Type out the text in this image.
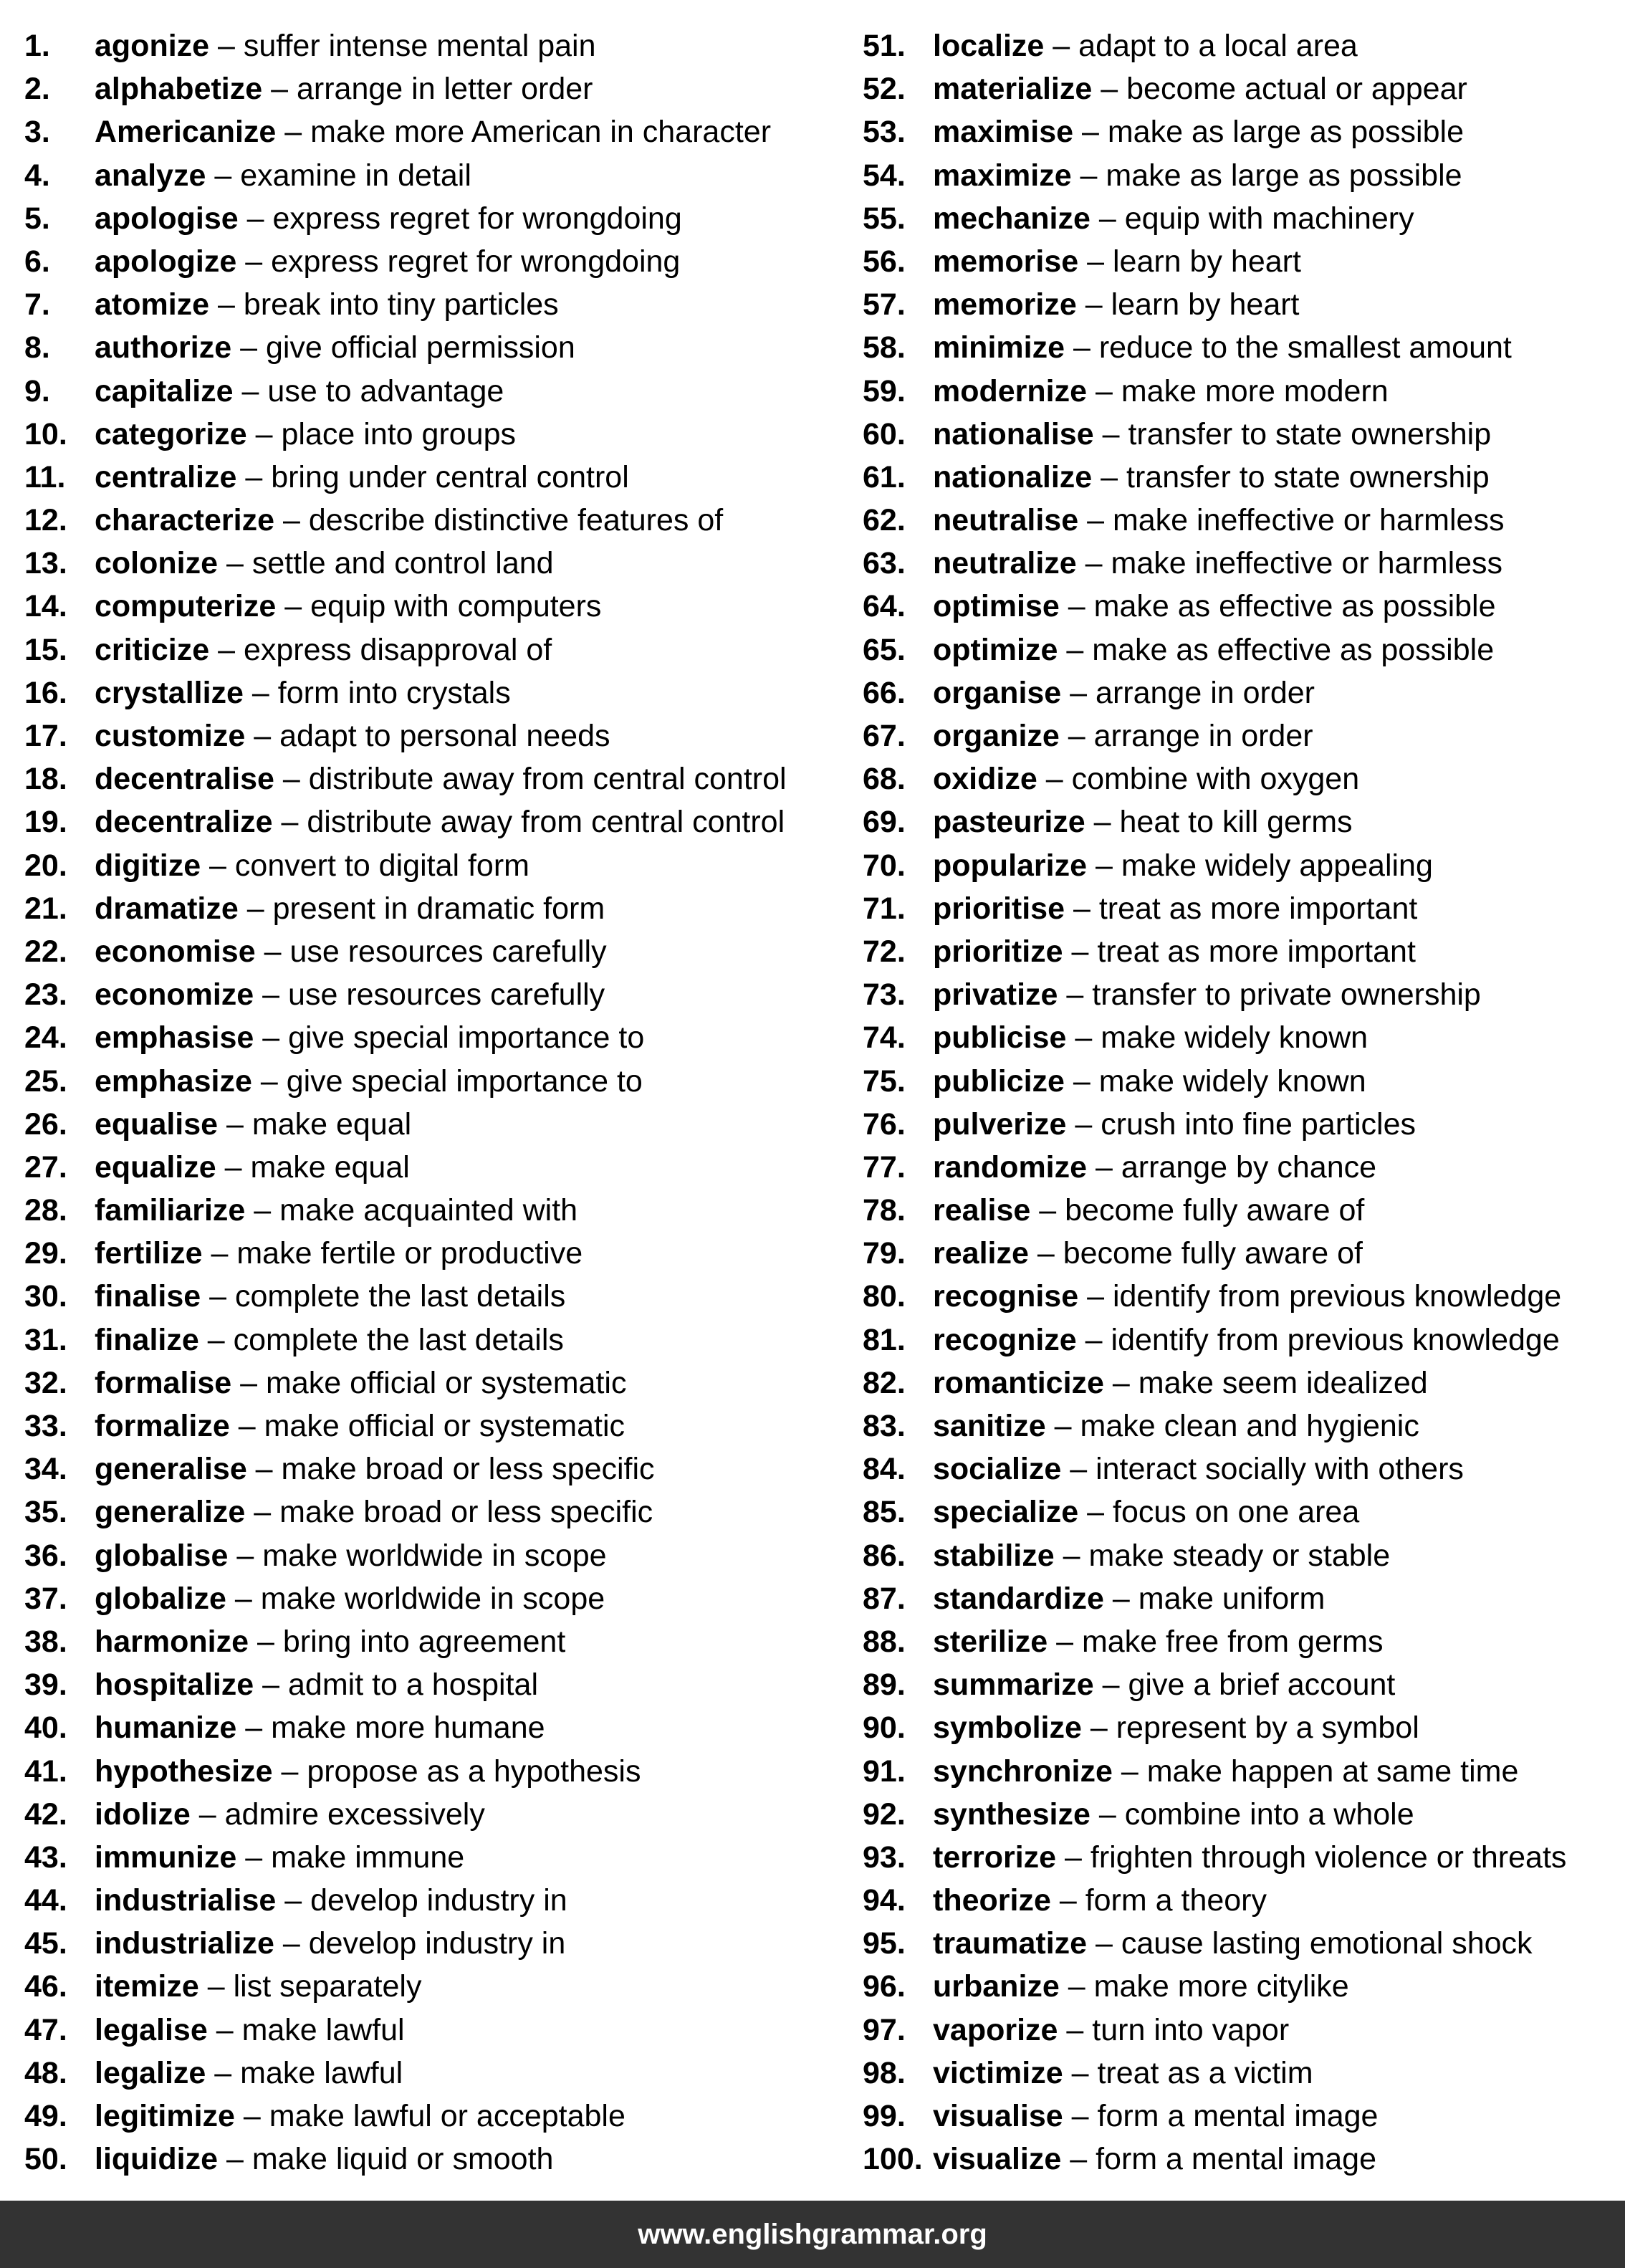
1. agonize – suffer intense mental pain
2. alphabetize – arrange in letter order
3. Americanize – make more American in character
4. analyze – examine in detail
5. apologise – express regret for wrongdoing
6. apologize – express regret for wrongdoing
7. atomize – break into tiny particles
8. authorize – give official permission
9. capitalize – use to advantage
10. categorize – place into groups
11. centralize – bring under central control
12. characterize – describe distinctive features of
13. colonize – settle and control land
14. computerize – equip with computers
15. criticize – express disapproval of
16. crystallize – form into crystals
17. customize – adapt to personal needs
18. decentralise – distribute away from central control
19. decentralize – distribute away from central control
20. digitize – convert to digital form
21. dramatize – present in dramatic form
22. economise – use resources carefully
23. economize – use resources carefully
24. emphasise – give special importance to
25. emphasize – give special importance to
26. equalise – make equal
27. equalize – make equal
28. familiarize – make acquainted with
29. fertilize – make fertile or productive
30. finalise – complete the last details
31. finalize – complete the last details
32. formalise – make official or systematic
33. formalize – make official or systematic
34. generalise – make broad or less specific
35. generalize – make broad or less specific
36. globalise – make worldwide in scope
37. globalize – make worldwide in scope
38. harmonize – bring into agreement
39. hospitalize – admit to a hospital
40. humanize – make more humane
41. hypothesize – propose as a hypothesis
42. idolize – admire excessively
43. immunize – make immune
44. industrialise – develop industry in
45. industrialize – develop industry in
46. itemize – list separately
47. legalise – make lawful
48. legalize – make lawful
49. legitimize – make lawful or acceptable
50. liquidize – make liquid or smooth
51. localize – adapt to a local area
52. materialize – become actual or appear
53. maximise – make as large as possible
54. maximize – make as large as possible
55. mechanize – equip with machinery
56. memorise – learn by heart
57. memorize – learn by heart
58. minimize – reduce to the smallest amount
59. modernize – make more modern
60. nationalise – transfer to state ownership
61. nationalize – transfer to state ownership
62. neutralise – make ineffective or harmless
63. neutralize – make ineffective or harmless
64. optimise – make as effective as possible
65. optimize – make as effective as possible
66. organise – arrange in order
67. organize – arrange in order
68. oxidize – combine with oxygen
69. pasteurize – heat to kill germs
70. popularize – make widely appealing
71. prioritise – treat as more important
72. prioritize – treat as more important
73. privatize – transfer to private ownership
74. publicise – make widely known
75. publicize – make widely known
76. pulverize – crush into fine particles
77. randomize – arrange by chance
78. realise – become fully aware of
79. realize – become fully aware of
80. recognise – identify from previous knowledge
81. recognize – identify from previous knowledge
82. romanticize – make seem idealized
83. sanitize – make clean and hygienic
84. socialize – interact socially with others
85. specialize – focus on one area
86. stabilize – make steady or stable
87. standardize – make uniform
88. sterilize – make free from germs
89. summarize – give a brief account
90. symbolize – represent by a symbol
91. synchronize – make happen at same time
92. synthesize – combine into a whole
93. terrorize – frighten through violence or threats
94. theorize – form a theory
95. traumatize – cause lasting emotional shock
96. urbanize – make more citylike
97. vaporize – turn into vapor
98. victimize – treat as a victim
99. visualise – form a mental image
100. visualize – form a mental image
www.englishgrammar.org
